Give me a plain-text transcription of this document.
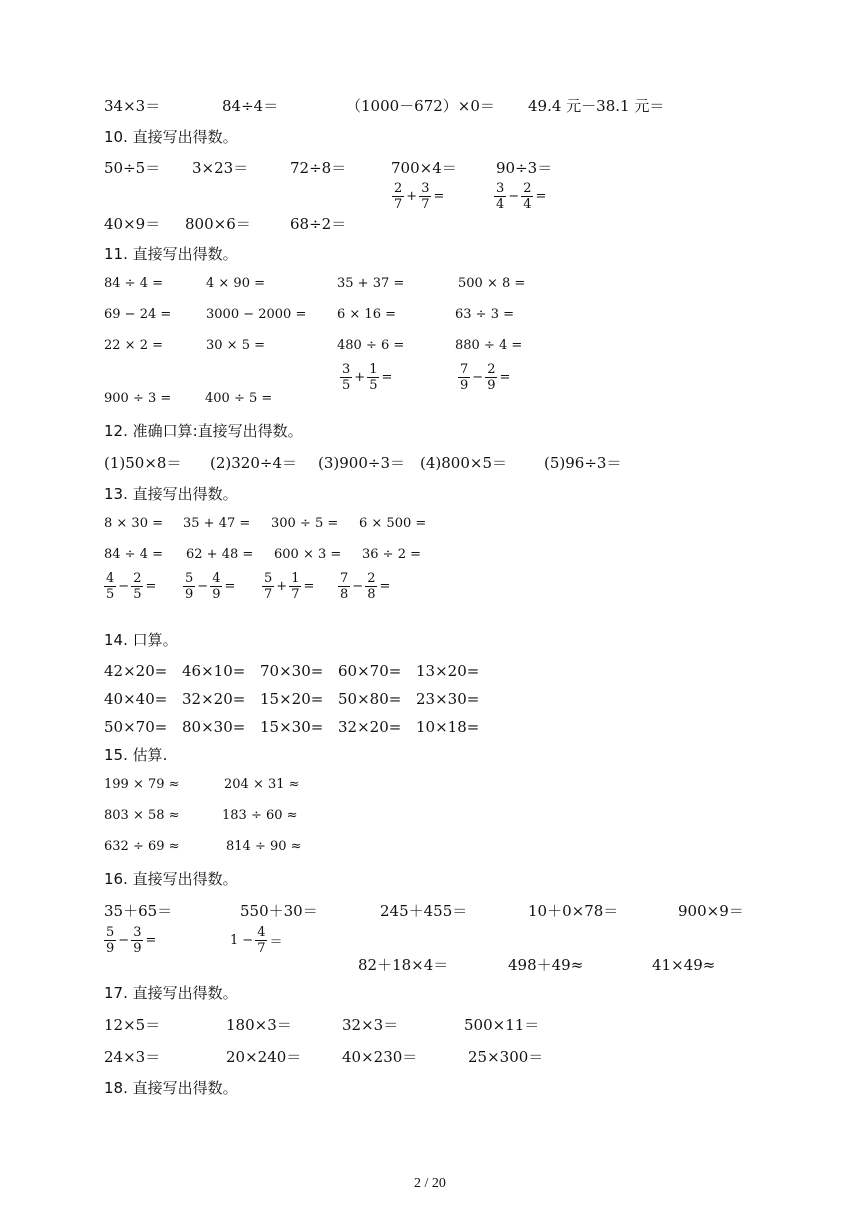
34×3＝	84÷4＝	（1000－672）×0＝ 49.4 元－38.1 元＝
10. 直接写出得数。
50÷5＝ 3×23＝	72÷8＝	700×4＝	90÷3＝
40×9＝ 800×6＝	68÷2＝
$\frac{2}{7} + \frac{3}{7}$ =	$\frac{3}{4} - \frac{2}{4}$ =
11. 直接写出得数。
84 ÷ 4 =	4 × 90 =	35 + 37 =	500 × 8 =
69 − 24 =	3000 − 2000 = 6 × 16 =	63 ÷ 3 =
22 × 2 =	30 × 5 =	480 ÷ 6 =	880 ÷ 4 =
900 ÷ 3 =	400 ÷ 5 =
$\frac{3}{5} + \frac{1}{5}$ =	$\frac{7}{9} - \frac{2}{9}$ =
12. 准确口算:直接写出得数。
(1)50×8＝ (2)320÷4＝ (3)900÷3＝ (4)800×5＝ (5)96÷3＝
13. 直接写出得数。
8 × 30 = 35 + 47 = 300 ÷ 5 = 6 × 500 =
84 ÷ 4 = 62 + 48 = 600 × 3 = 36 ÷ 2 =
$\frac{4}{5} - \frac{2}{5} = \frac{5}{9} - \frac{4}{9} = \frac{5}{7} + \frac{1}{7} = \frac{7}{8} - \frac{2}{8}$ =
14. 口算。
42×20= 46×10= 70×30= 60×70= 13×20=
40×40= 32×20= 15×20= 50×80= 23×30=
50×70= 80×30= 15×30= 32×20= 10×18=
15. 估算.
199 × 79 ≈	204 × 31 ≈
803 × 58 ≈	183 ÷ 60 ≈
632 ÷ 69 ≈	814 ÷ 90 ≈
16. 直接写出得数。
35＋65＝	550＋30＝	245＋455＝	10＋0×78＝	900×9＝
$\frac{5}{9} - \frac{3}{9}$ =	$1 - \frac{4}{7}$ ＝
82＋18×4＝	498＋49≈	41×49≈
17. 直接写出得数。
12×5＝	180×3＝	32×3＝	500×11＝
24×3＝	20×240＝	40×230＝	25×300＝
18. 直接写出得数。
2 / 20
